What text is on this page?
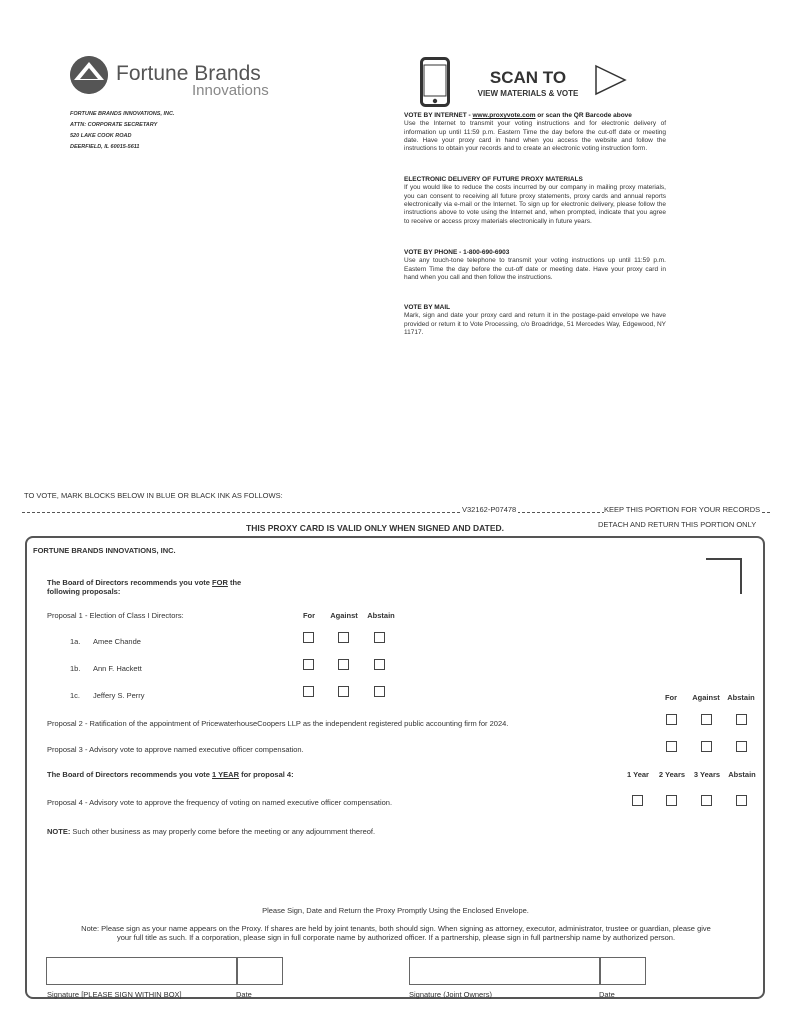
Fortune Brands
Innovations
FORTUNE BRANDS INNOVATIONS, INC.
ATTN: CORPORATE SECRETARY
520 LAKE COOK ROAD
DEERFIELD, IL 60015-5611
SCAN TO
VIEW MATERIALS & VOTE
VOTE BY INTERNET - www.proxyvote.com or scan the QR Barcode above
Use the Internet to transmit your voting instructions and for electronic delivery of information up until 11:59 p.m. Eastern Time the day before the cut-off date or meeting date. Have your proxy card in hand when you access the website and follow the instructions to obtain your records and to create an electronic voting instruction form.
ELECTRONIC DELIVERY OF FUTURE PROXY MATERIALS
If you would like to reduce the costs incurred by our company in mailing proxy materials, you can consent to receiving all future proxy statements, proxy cards and annual reports electronically via e-mail or the Internet. To sign up for electronic delivery, please follow the instructions above to vote using the Internet and, when prompted, indicate that you agree to receive or access proxy materials electronically in future years.
VOTE BY PHONE - 1-800-690-6903
Use any touch-tone telephone to transmit your voting instructions up until 11:59 p.m. Eastern Time the day before the cut-off date or meeting date. Have your proxy card in hand when you call and then follow the instructions.
VOTE BY MAIL
Mark, sign and date your proxy card and return it in the postage-paid envelope we have provided or return it to Vote Processing, c/o Broadridge, 51 Mercedes Way, Edgewood, NY 11717.
TO VOTE, MARK BLOCKS BELOW IN BLUE OR BLACK INK AS FOLLOWS:
V32162-P07478	KEEP THIS PORTION FOR YOUR RECORDS
THIS PROXY CARD IS VALID ONLY WHEN SIGNED AND DATED.	DETACH AND RETURN THIS PORTION ONLY
FORTUNE BRANDS INNOVATIONS, INC.
The Board of Directors recommends you vote FOR the
following proposals:
Proposal 1 - Election of Class I Directors:	For	Against	Abstain
1a. Amee Chande
1b. Ann F. Hackett
1c. Jeffery S. Perry	For	Against Abstain
Proposal 2 - Ratification of the appointment of PricewaterhouseCoopers LLP as the independent registered public accounting firm for 2024.
Proposal 3 - Advisory vote to approve named executive officer compensation.
The Board of Directors recommends you vote 1 YEAR for proposal 4:	1 Year	2 Years	3 Years	Abstain
Proposal 4 - Advisory vote to approve the frequency of voting on named executive officer compensation.
NOTE: Such other business as may properly come before the meeting or any adjournment thereof.
Please Sign, Date and Return the Proxy Promptly Using the Enclosed Envelope.
Note: Please sign as your name appears on the Proxy. If shares are held by joint tenants, both should sign. When signing as attorney, executor, administrator, trustee or guardian, please give
your full title as such. If a corporation, please sign in full corporate name by authorized officer. If a partnership, please sign in full partnership name by authorized person.
Signature [PLEASE SIGN WITHIN BOX]	Date	Signature (Joint Owners)	Date
